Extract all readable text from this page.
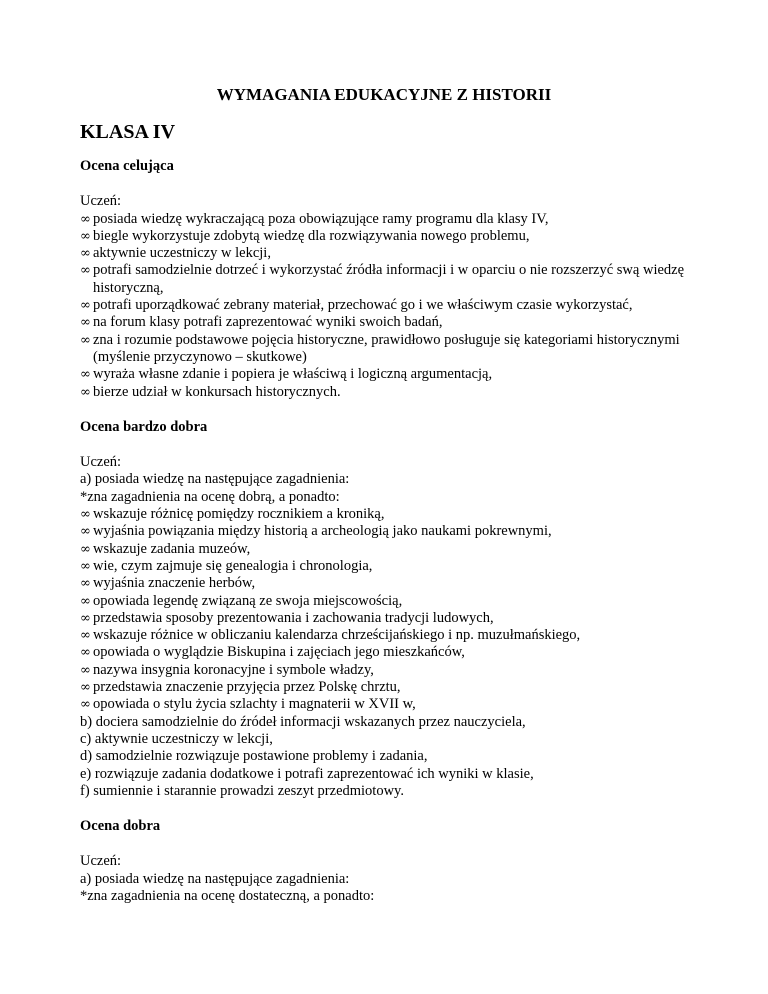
WYMAGANIA EDUKACYJNE Z HISTORII
KLASA IV
Ocena celująca
Uczeń:
∞ posiada wiedzę wykraczającą poza obowiązujące ramy programu dla klasy IV,
∞ biegle wykorzystuje zdobytą wiedzę dla rozwiązywania nowego problemu,
∞ aktywnie uczestniczy w lekcji,
∞ potrafi samodzielnie dotrzeć i wykorzystać źródła informacji i w oparciu o nie rozszerzyć swą wiedzę historyczną,
∞ potrafi uporządkować zebrany materiał, przechować go i we właściwym czasie wykorzystać,
∞ na forum klasy potrafi zaprezentować wyniki swoich badań,
∞ zna i rozumie podstawowe pojęcia historyczne, prawidłowo posługuje się kategoriami historycznymi (myślenie przyczynowo – skutkowe)
∞ wyraża własne zdanie i popiera je właściwą i logiczną argumentacją,
∞ bierze udział w konkursach historycznych.
Ocena bardzo dobra
Uczeń:
a) posiada wiedzę na następujące zagadnienia:
*zna zagadnienia na ocenę dobrą, a ponadto:
∞ wskazuje różnicę pomiędzy rocznikiem a kroniką,
∞ wyjaśnia powiązania między historią a archeologią jako naukami pokrewnymi,
∞ wskazuje zadania muzeów,
∞ wie, czym zajmuje się genealogia i chronologia,
∞ wyjaśnia znaczenie herbów,
∞ opowiada legendę związaną ze swoja miejscowością,
∞ przedstawia sposoby prezentowania i zachowania tradycji ludowych,
∞ wskazuje różnice w obliczaniu kalendarza chrześcijańskiego i np. muzułmańskiego,
∞ opowiada o wyglądzie Biskupina i zajęciach jego mieszkańców,
∞ nazywa insygnia koronacyjne i symbole władzy,
∞ przedstawia znaczenie przyjęcia przez Polskę chrztu,
∞ opowiada o stylu życia szlachty i magnaterii w XVII w,
b) dociera samodzielnie do źródeł informacji wskazanych przez nauczyciela,
c) aktywnie uczestniczy w lekcji,
d) samodzielnie rozwiązuje postawione problemy i zadania,
e) rozwiązuje zadania dodatkowe i potrafi zaprezentować ich wyniki w klasie,
f) sumiennie i starannie prowadzi zeszyt przedmiotowy.
Ocena dobra
Uczeń:
a) posiada wiedzę na następujące zagadnienia:
*zna zagadnienia na ocenę dostateczną, a ponadto:
